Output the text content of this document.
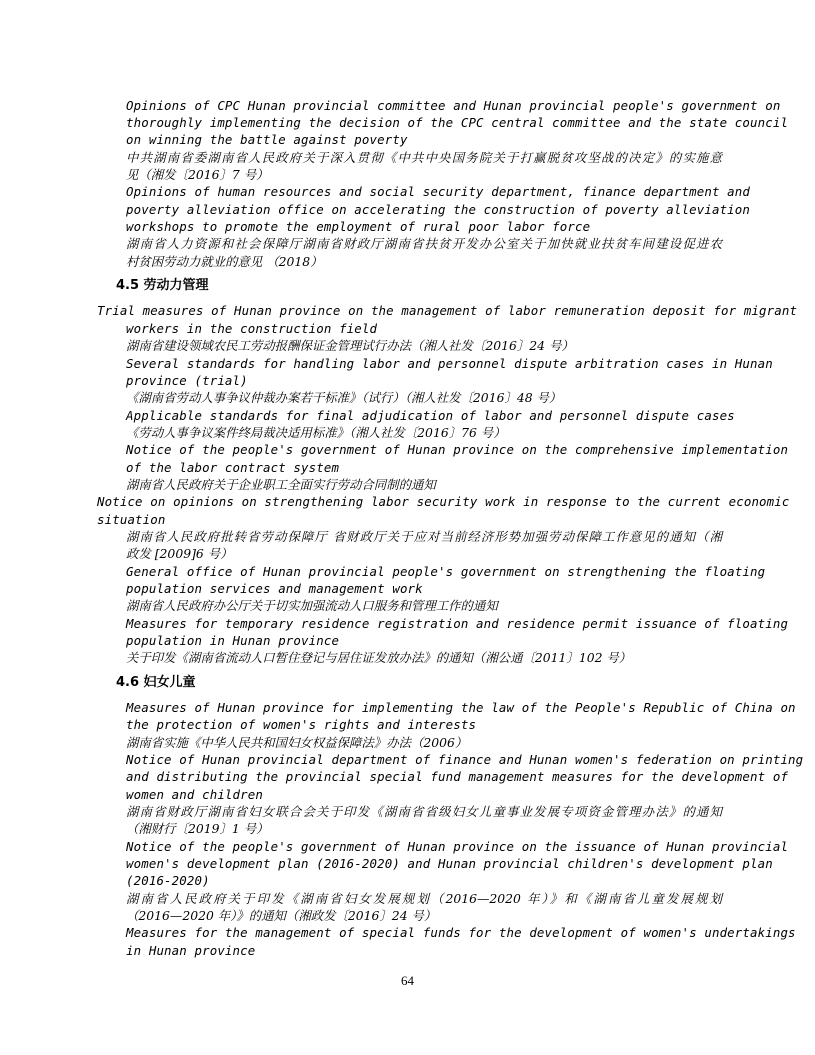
Opinions of CPC Hunan provincial committee and Hunan provincial people's government on

thoroughly implementing the decision of the CPC central committee and the state council

on winning the battle against poverty

中共湖南省委湖南省人民政府关于深入贯彻《中共中央国务院关于打赢脱贫攻坚战的决定》的实施意

见（湘发〔2016〕7 号）

Opinions of human resources and social security department, finance department and

poverty alleviation office on accelerating the construction of poverty alleviation

workshops to promote the employment of rural poor labor force

湖南省人力资源和社会保障厅湖南省财政厅湖南省扶贫开发办公室关于加快就业扶贫车间建设促进农

村贫困劳动力就业的意见 （2018）

4.5 劳动力管理

Trial measures of Hunan province on the management of labor remuneration deposit for migrant

workers in the construction field

湖南省建设领域农民工劳动报酬保证金管理试行办法（湘人社发〔2016〕24 号）

Several standards for handling labor and personnel dispute arbitration cases in Hunan

province (trial)

《湖南省劳动人事争议仲裁办案若干标准》（试行）（湘人社发〔2016〕48 号）

Applicable standards for final adjudication of labor and personnel dispute cases

《劳动人事争议案件终局裁决适用标准》（湘人社发〔2016〕76 号）

Notice of the people's government of Hunan province on the comprehensive implementation

of the labor contract system

湖南省人民政府关于企业职工全面实行劳动合同制的通知

Notice on opinions on strengthening labor security work in response to the current economic

situation

湖南省人民政府批转省劳动保障厅 省财政厅关于应对当前经济形势加强劳动保障工作意见的通知（湘

政发 [2009]6 号）

General office of Hunan provincial people's government on strengthening the floating

population services and management work

湖南省人民政府办公厅关于切实加强流动人口服务和管理工作的通知

Measures for temporary residence registration and residence permit issuance of floating

population in Hunan province

关于印发《湖南省流动人口暂住登记与居住证发放办法》的通知（湘公通〔2011〕102 号）

4.6 妇女儿童

Measures of Hunan province for implementing the law of the People's Republic of China on

the protection of women's rights and interests

湖南省实施《中华人民共和国妇女权益保障法》办法（2006）

Notice of Hunan provincial department of finance and Hunan women's federation on printing

and distributing the provincial special fund management measures for the development of

women and children

湖南省财政厅湖南省妇女联合会关于印发《湖南省省级妇女儿童事业发展专项资金管理办法》的通知

（湘财行〔2019〕1 号）

Notice of the people's government of Hunan province on the issuance of Hunan provincial

women's development plan (2016-2020) and Hunan provincial children's development plan

(2016-2020)

湖南省人民政府关于印发《湖南省妇女发展规划（2016—2020 年）》和《湖南省儿童发展规划

（2016—2020 年）》的通知（湘政发〔2016〕24 号）

Measures for the management of special funds for the development of women's undertakings

in Hunan province

64
